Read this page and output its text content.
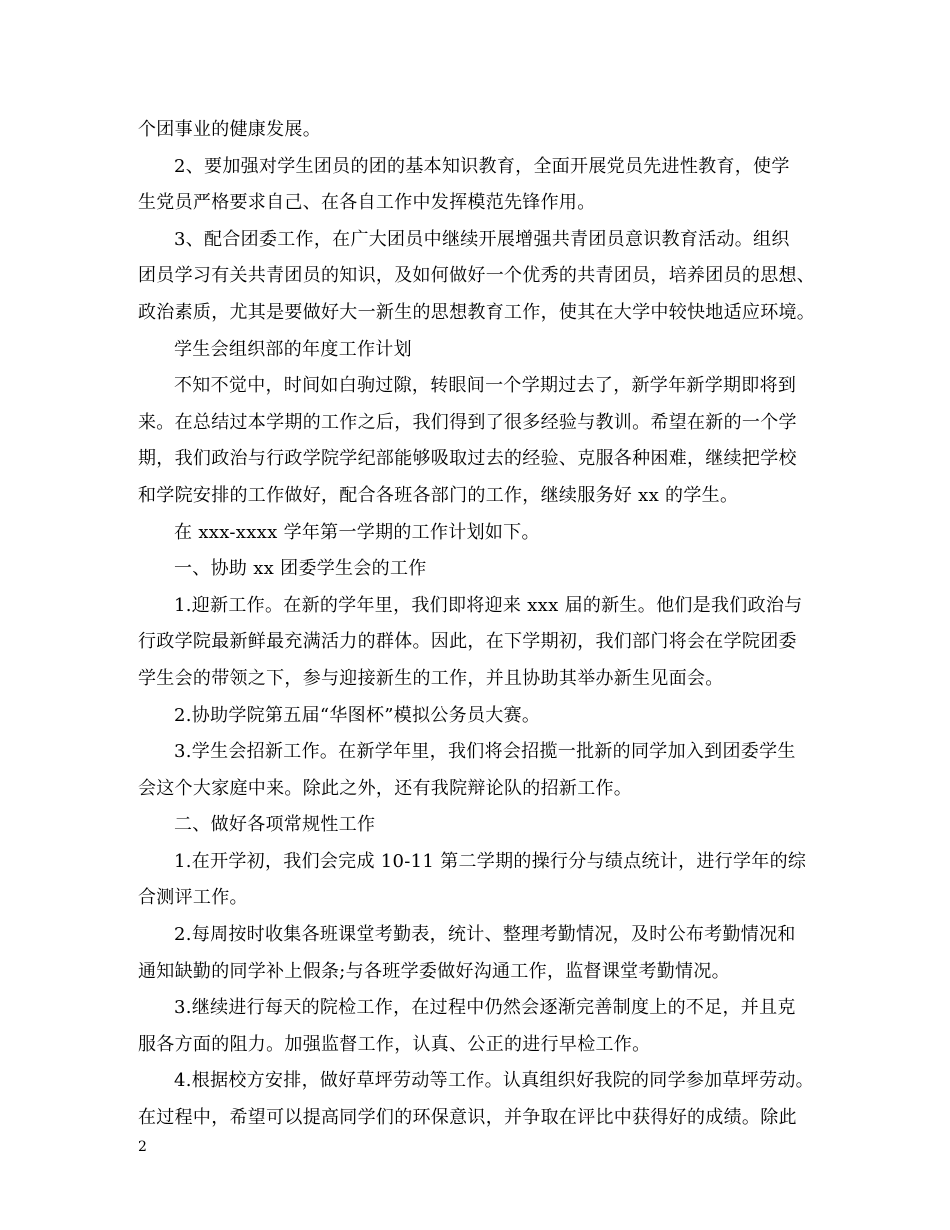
个团事业的健康发展。
2、要加强对学生团员的团的基本知识教育，全面开展党员先进性教育，使学
生党员严格要求自己、在各自工作中发挥模范先锋作用。
3、配合团委工作，在广大团员中继续开展增强共青团员意识教育活动。组织
团员学习有关共青团员的知识，及如何做好一个优秀的共青团员，培养团员的思想、
政治素质，尤其是要做好大一新生的思想教育工作，使其在大学中较快地适应环境。
学生会组织部的年度工作计划
不知不觉中，时间如白驹过隙，转眼间一个学期过去了，新学年新学期即将到
来。在总结过本学期的工作之后，我们得到了很多经验与教训。希望在新的一个学
期，我们政治与行政学院学纪部能够吸取过去的经验、克服各种困难，继续把学校
和学院安排的工作做好，配合各班各部门的工作，继续服务好 xx 的学生。
在 xxx-xxxx 学年第一学期的工作计划如下。
一、协助 xx 团委学生会的工作
1.迎新工作。在新的学年里，我们即将迎来 xxx 届的新生。他们是我们政治与
行政学院最新鲜最充满活力的群体。因此，在下学期初，我们部门将会在学院团委
学生会的带领之下，参与迎接新生的工作，并且协助其举办新生见面会。
2.协助学院第五届“华图杯”模拟公务员大赛。
3.学生会招新工作。在新学年里，我们将会招揽一批新的同学加入到团委学生
会这个大家庭中来。除此之外，还有我院辩论队的招新工作。
二、做好各项常规性工作
1.在开学初，我们会完成 10-11 第二学期的操行分与绩点统计，进行学年的综
合测评工作。
2.每周按时收集各班课堂考勤表，统计、整理考勤情况，及时公布考勤情况和
通知缺勤的同学补上假条;与各班学委做好沟通工作，监督课堂考勤情况。
3.继续进行每天的院检工作，在过程中仍然会逐渐完善制度上的不足，并且克
服各方面的阻力。加强监督工作，认真、公正的进行早检工作。
4.根据校方安排，做好草坪劳动等工作。认真组织好我院的同学参加草坪劳动。
在过程中，希望可以提高同学们的环保意识，并争取在评比中获得好的成绩。除此
2
